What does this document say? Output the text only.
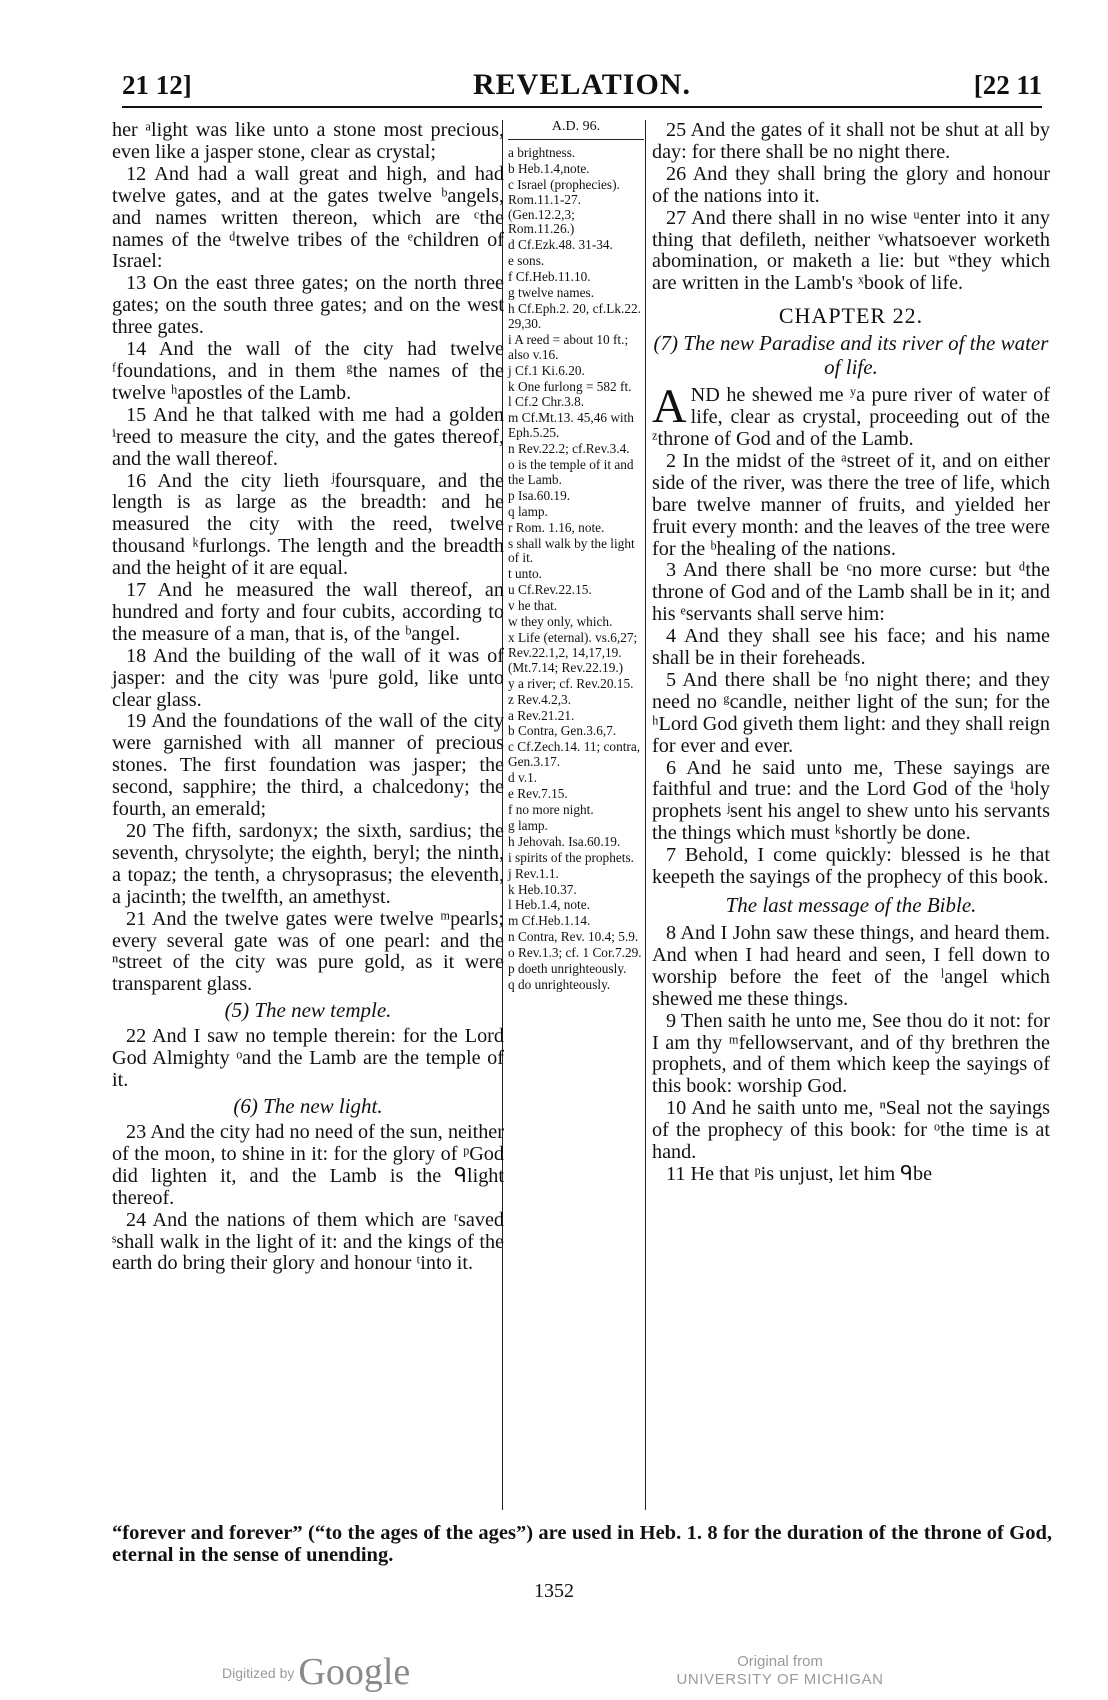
21 12]	REVELATION.	[22 11

her ᵃlight was like unto a stone most precious, even like a jasper stone, clear as crystal;

12 And had a wall great and high, and had twelve gates, and at the gates twelve ᵇangels, and names written thereon, which are ᶜthe names of the ᵈtwelve tribes of the ᵉchildren of Israel:

13 On the east three gates; on the north three gates; on the south three gates; and on the west three gates.

14 And the wall of the city had twelve ᶠfoundations, and in them ᵍthe names of the twelve ʰapostles of the Lamb.

15 And he that talked with me had a golden ⁱreed to measure the city, and the gates thereof, and the wall thereof.

16 And the city lieth ʲfoursquare, and the length is as large as the breadth: and he measured the city with the reed, twelve thousand ᵏfurlongs. The length and the breadth and the height of it are equal.

17 And he measured the wall thereof, an hundred and forty and four cubits, according to the measure of a man, that is, of the ᵇangel.

18 And the building of the wall of it was of jasper: and the city was ˡpure gold, like unto clear glass.

19 And the foundations of the wall of the city were garnished with all manner of precious stones. The first foundation was jasper; the second, sapphire; the third, a chalcedony; the fourth, an emerald;

20 The fifth, sardonyx; the sixth, sardius; the seventh, chrysolyte; the eighth, beryl; the ninth, a topaz; the tenth, a chrysoprasus; the eleventh, a jacinth; the twelfth, an amethyst.

21 And the twelve gates were twelve ᵐpearls; every several gate was of one pearl: and the ⁿstreet of the city was pure gold, as it were transparent glass.

(5) The new temple.

22 And I saw no temple therein: for the Lord God Almighty ᵒand the Lamb are the temple of it.

(6) The new light.

23 And the city had no need of the sun, neither of the moon, to shine in it: for the glory of ᵖGod did lighten it, and the Lamb is the ᑫlight thereof.

24 And the nations of them which are ʳsaved ˢshall walk in the light of it: and the kings of the earth do bring their glory and honour ᵗinto it.

A.D. 96.
a brightness.
b Heb.1.4,note.
c Israel (prophecies). Rom.11.1-27. (Gen.12.2,3; Rom.11.26.)
d Cf.Ezk.48. 31-34.
e sons.
f Cf.Heb.11.10.
g twelve names.
h Cf.Eph.2. 20, cf.Lk.22. 29,30.
i A reed = about 10 ft.; also v.16.
j Cf.1 Ki.6.20.
k One furlong = 582 ft.
l Cf.2 Chr.3.8.
m Cf.Mt.13. 45,46 with Eph.5.25.
n Rev.22.2; cf.Rev.3.4.
o is the temple of it and the Lamb.
p Isa.60.19.
q lamp.
r Rom. 1.16, note.
s shall walk by the light of it.
t unto.
u Cf.Rev.22.15.
v he that.
w they only, which.
x Life (eternal). vs.6,27; Rev.22.1,2, 14,17,19. (Mt.7.14; Rev.22.19.)
y a river; cf. Rev.20.15.
z Rev.4.2,3.
a Rev.21.21.
b Contra, Gen.3.6,7.
c Cf.Zech.14. 11; contra, Gen.3.17.
d v.1.
e Rev.7.15.
f no more night.
g lamp.
h Jehovah. Isa.60.19.
i spirits of the prophets.
j Rev.1.1.
k Heb.10.37.
l Heb.1.4, note.
m Cf.Heb.1.14.
n Contra, Rev. 10.4; 5.9.
o Rev.1.3; cf. 1 Cor.7.29.
p doeth unrighteously.
q do unrighteously.

25 And the gates of it shall not be shut at all by day: for there shall be no night there.

26 And they shall bring the glory and honour of the nations into it.

27 And there shall in no wise ᵘenter into it any thing that defileth, neither ᵛwhatsoever worketh abomination, or maketh a lie: but ʷthey which are written in the Lamb's ˣbook of life.

CHAPTER 22.
(7) The new Paradise and its river of the water of life.

AND he shewed me ʸa pure river of water of life, clear as crystal, proceeding out of the ᶻthrone of God and of the Lamb.

2 In the midst of the ᵃstreet of it, and on either side of the river, was there the tree of life, which bare twelve manner of fruits, and yielded her fruit every month: and the leaves of the tree were for the ᵇhealing of the nations.

3 And there shall be ᶜno more curse: but ᵈthe throne of God and of the Lamb shall be in it; and his ᵉservants shall serve him:

4 And they shall see his face; and his name shall be in their foreheads.

5 And there shall be ᶠno night there; and they need no ᵍcandle, neither light of the sun; for the ʰLord God giveth them light: and they shall reign for ever and ever.

6 And he said unto me, These sayings are faithful and true: and the Lord God of the ⁱholy prophets ʲsent his angel to shew unto his servants the things which must ᵏshortly be done.

7 Behold, I come quickly: blessed is he that keepeth the sayings of the prophecy of this book.

The last message of the Bible.

8 And I John saw these things, and heard them. And when I had heard and seen, I fell down to worship before the feet of the ˡangel which shewed me these things.

9 Then saith he unto me, See thou do it not: for I am thy ᵐfellowservant, and of thy brethren the prophets, and of them which keep the sayings of this book: worship God.

10 And he saith unto me, ⁿSeal not the sayings of the prophecy of this book: for ᵒthe time is at hand.

11 He that ᵖis unjust, let him ᑫbe

“forever and forever” (“to the ages of the ages”) are used in Heb. 1. 8 for the duration of the throne of God, eternal in the sense of unending.

1352

Digitized by Google	Original from
UNIVERSITY OF MICHIGAN
